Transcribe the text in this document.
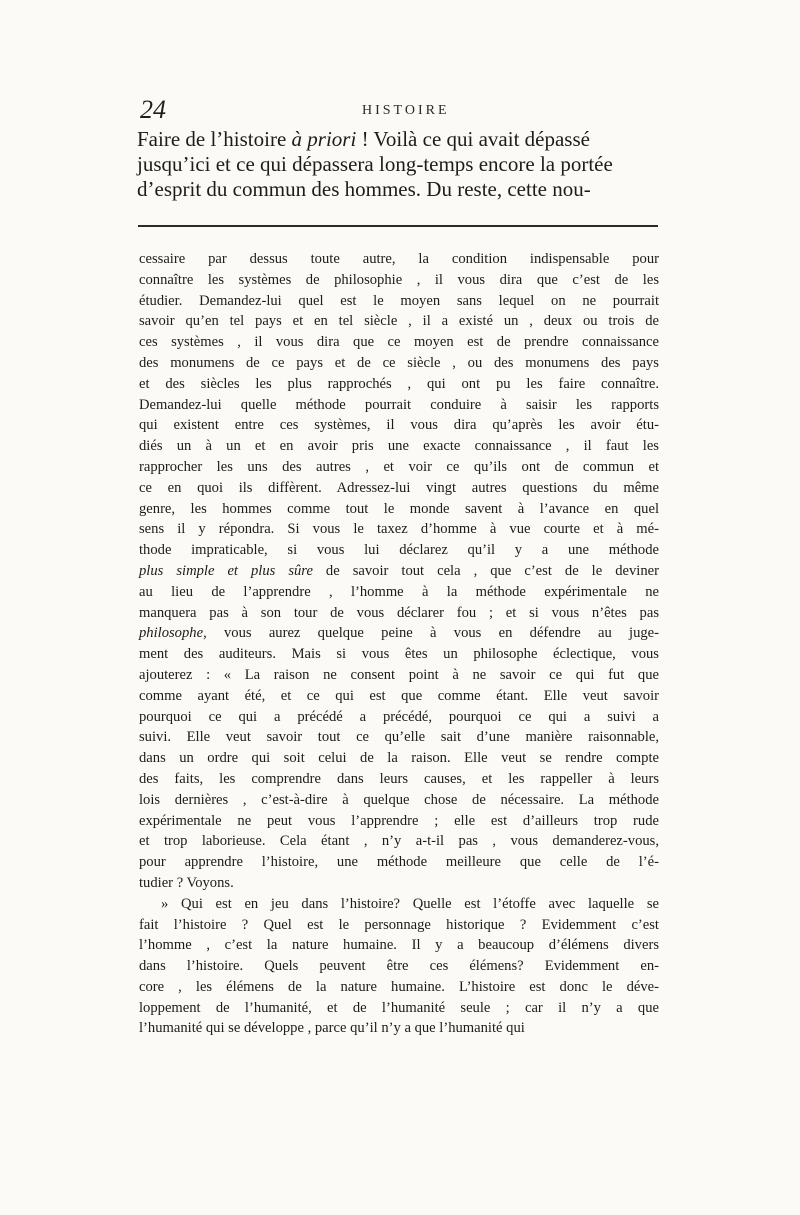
24	HISTOIRE
Faire de l’histoire à priori ! Voilà ce qui avait dépassé
jusqu’ici et ce qui dépassera long-temps encore la portée
d’esprit du commun des hommes. Du reste, cette nou-
cessaire par dessus toute autre, la condition indispensable pour
connaître les systèmes de philosophie , il vous dira que c’est de les
étudier. Demandez-lui quel est le moyen sans lequel on ne pourrait
savoir qu’en tel pays et en tel siècle , il a existé un , deux ou trois de
ces systèmes , il vous dira que ce moyen est de prendre connaissance
des monumens de ce pays et de ce siècle , ou des monumens des pays
et des siècles les plus rapprochés , qui ont pu les faire connaître.
Demandez-lui quelle méthode pourrait conduire à saisir les rapports
qui existent entre ces systèmes, il vous dira qu’après les avoir étu-
diés un à un et en avoir pris une exacte connaissance , il faut les
rapprocher les uns des autres , et voir ce qu’ils ont de commun et
ce en quoi ils diffèrent. Adressez-lui vingt autres questions du même
genre, les hommes comme tout le monde savent à l’avance en quel
sens il y répondra. Si vous le taxez d’homme à vue courte et à mé-
thode impraticable, si vous lui déclarez qu’il y a une méthode
plus simple et plus sûre de savoir tout cela , que c’est de le deviner
au lieu de l’apprendre , l’homme à la méthode expérimentale ne
manquera pas à son tour de vous déclarer fou ; et si vous n’êtes pas
philosophe, vous aurez quelque peine à vous en défendre au juge-
ment des auditeurs. Mais si vous êtes un philosophe éclectique, vous
ajouterez : « La raison ne consent point à ne savoir ce qui fut que
comme ayant été, et ce qui est que comme étant. Elle veut savoir
pourquoi ce qui a précédé a précédé, pourquoi ce qui a suivi a
suivi. Elle veut savoir tout ce qu’elle sait d’une manière raisonnable,
dans un ordre qui soit celui de la raison. Elle veut se rendre compte
des faits, les comprendre dans leurs causes, et les rappeller à leurs
lois dernières , c’est-à-dire à quelque chose de nécessaire. La méthode
expérimentale ne peut vous l’apprendre ; elle est d’ailleurs trop rude
et trop laborieuse. Cela étant , n’y a-t-il pas , vous demanderez-vous,
pour apprendre l’histoire, une méthode meilleure que celle de l’é-
tudier ? Voyons.
» Qui est en jeu dans l’histoire? Quelle est l’étoffe avec laquelle se
fait l’histoire ? Quel est le personnage historique ? Evidemment c’est
l’homme , c’est la nature humaine. Il y a beaucoup d’élémens divers
dans l’histoire. Quels peuvent être ces élémens? Evidemment en-
core , les élémens de la nature humaine. L’histoire est donc le déve-
loppement de l’humanité, et de l’humanité seule ; car il n’y a que
l’humanité qui se développe , parce qu’il n’y a que l’humanité qui
